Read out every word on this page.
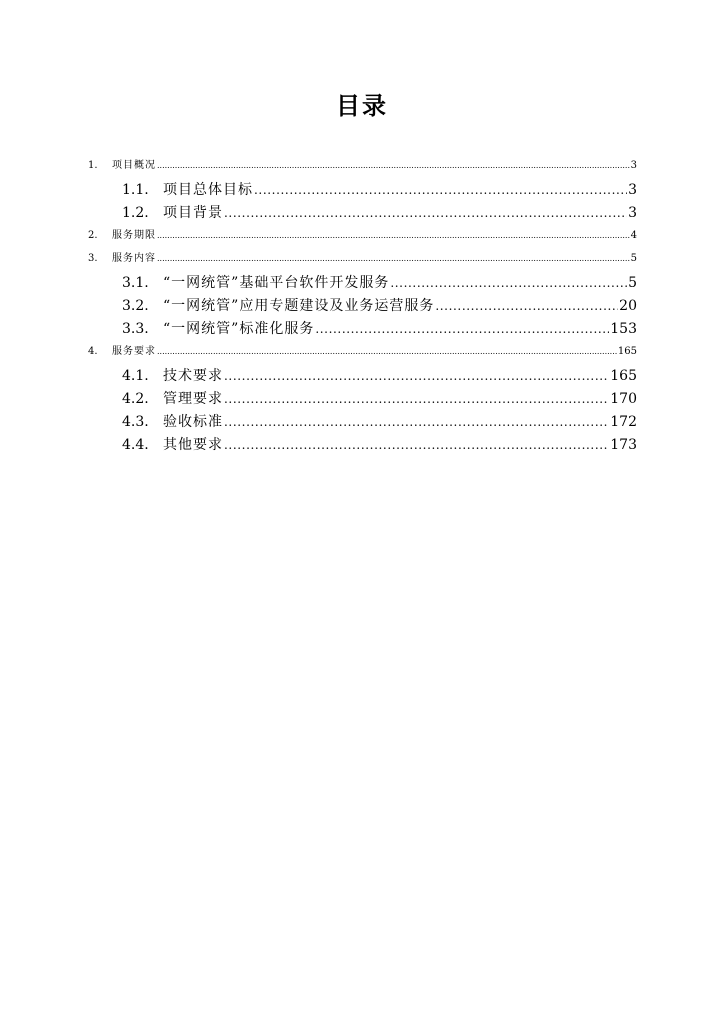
目录
1.	项目概况 .....	3
1.1.	项目总体目标 .....	3
1.2.	项目背景 .....	3
2.	服务期限 .....	4
3.	服务内容 .....	5
3.1.	“一网统管”基础平台软件开发服务 .....	5
3.2.	“一网统管”应用专题建设及业务运营服务 .....	20
3.3.	“一网统管”标准化服务 .....	153
4.	服务要求 .....	165
4.1.	技术要求 .....	165
4.2.	管理要求 .....	170
4.3.	验收标准 .....	172
4.4.	其他要求 .....	173
